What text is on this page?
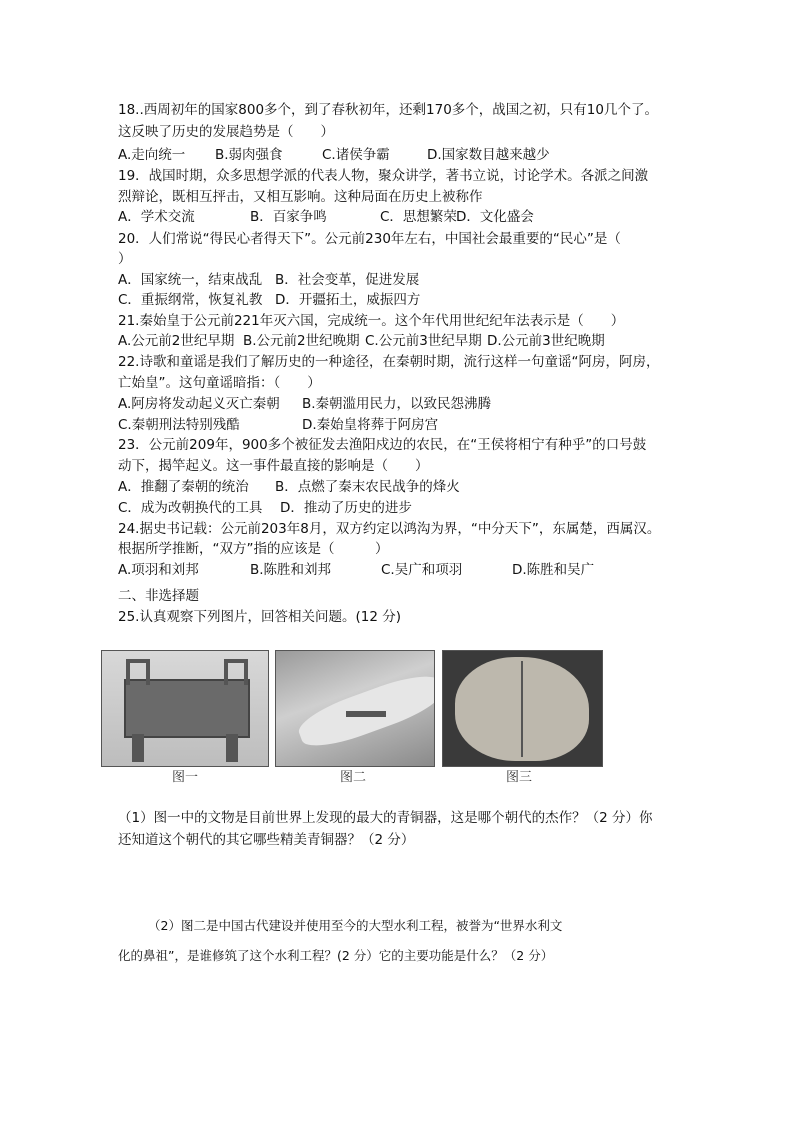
18..西周初年的国家800多个，到了春秋初年，还剩170多个，战国之初，只有10几个了。
这反映了历史的发展趋势是（　　）
A.走向统一 B.弱肉强食	C.诸侯争霸	D.国家数目越来越少
19．战国时期，众多思想学派的代表人物，聚众讲学，著书立说，讨论学术。各派之间激
烈辩论，既相互抨击，又相互影响。这种局面在历史上被称作
A．学术交流	B．百家争鸣	C．思想繁荣 D．文化盛会
20．人们常说“得民心者得天下”。公元前230年左右，中国社会最重要的“民心”是（
）
A．国家统一，结束战乱 B．社会变革，促进发展
C．重振纲常，恢复礼教 D．开疆拓土，威振四方
21.秦始皇于公元前221年灭六国，完成统一。这个年代用世纪纪年法表示是（　　）
A.公元前2世纪早期 B.公元前2世纪晚期 C.公元前3世纪早期 D.公元前3世纪晚期
22.诗歌和童谣是我们了解历史的一种途径，在秦朝时期，流行这样一句童谣“阿房，阿房，
亡始皇”。这句童谣暗指：（　　）
A.阿房将发动起义灭亡秦朝 B.秦朝滥用民力，以致民怨沸腾
C.秦朝刑法特别残酷	D.秦始皇将葬于阿房宫
23．公元前209年，900多个被征发去渔阳戍边的农民，在“王侯将相宁有种乎”的口号鼓
动下，揭竿起义。这一事件最直接的影响是（　　）
A．推翻了秦朝的统治 B．点燃了秦末农民战争的烽火
C．成为改朝换代的工具 D．推动了历史的进步
24.据史书记载：公元前203年8月，双方约定以鸿沟为界，“中分天下”，东属楚，西属汉。
根据所学推断，“双方”指的应该是（　　　）
A.项羽和刘邦	B.陈胜和刘邦	C.吴广和项羽	D.陈胜和吴广
二、非选择题
25.认真观察下列图片，回答相关问题。(12 分)
图一	图二	图三
（1）图一中的文物是目前世界上发现的最大的青铜器，这是哪个朝代的杰作？（2 分）你
还知道这个朝代的其它哪些精美青铜器？（2 分）
（2）图二是中国古代建设并使用至今的大型水利工程，被誉为“世界水利文
化的鼻祖”，是谁修筑了这个水利工程？(2 分）它的主要功能是什么？（2 分）
